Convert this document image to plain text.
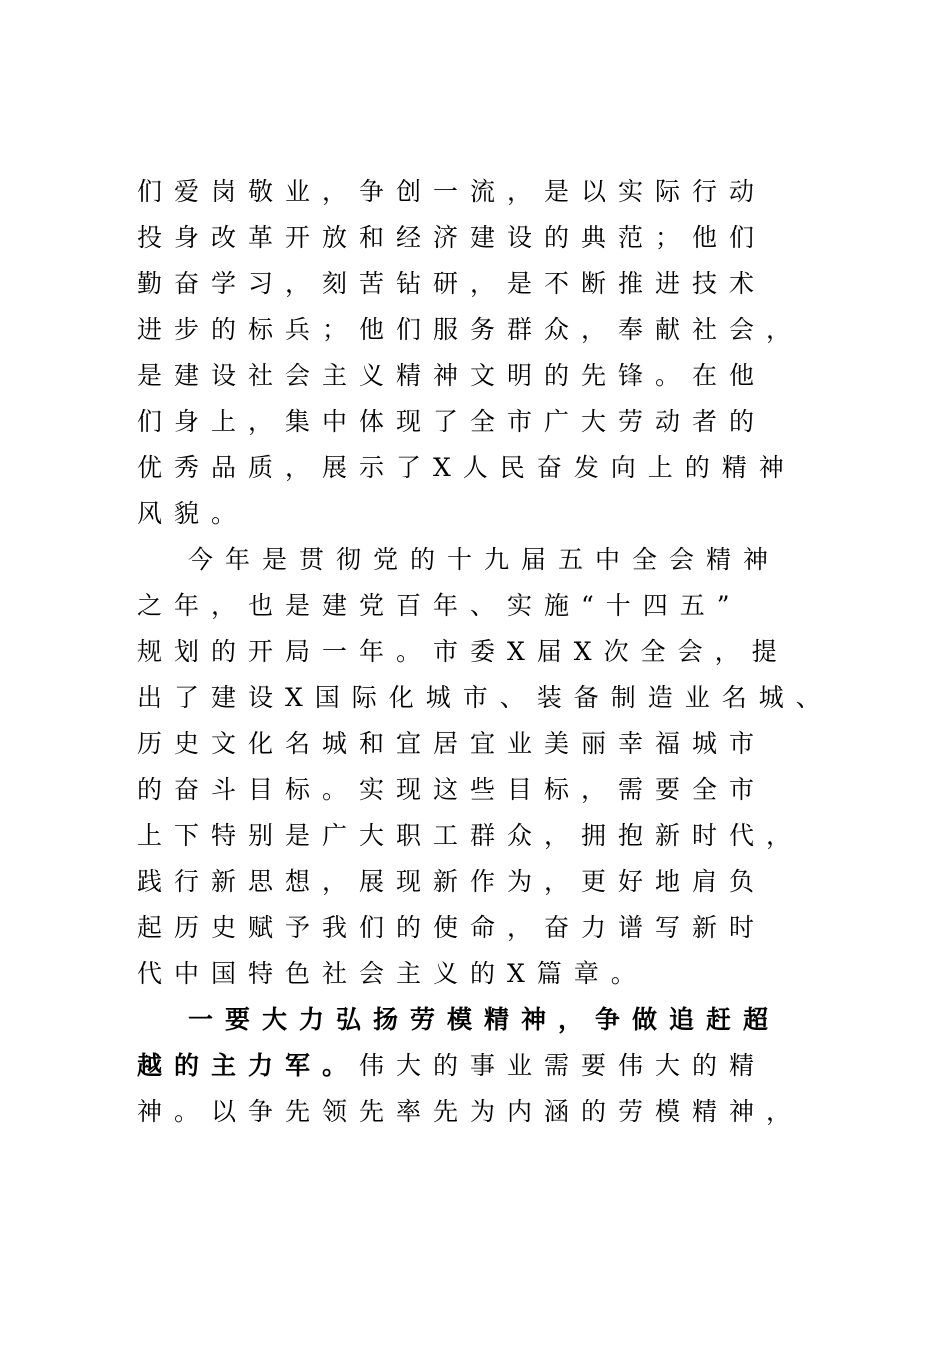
们爱岗敬业，争创一流，是以实际行动
投身改革开放和经济建设的典范；他们
勤奋学习，刻苦钻研，是不断推进技术
进步的标兵；他们服务群众，奉献社会，
是建设社会主义精神文明的先锋。在他
们身上，集中体现了全市广大劳动者的
优秀品质，展示了X人民奋发向上的精神
风貌。
今年是贯彻党的十九届五中全会精神
之年，也是建党百年、实施“十四五”
规划的开局一年。市委X届X次全会，提
出了建设X国际化城市、装备制造业名城、
历史文化名城和宜居宜业美丽幸福城市
的奋斗目标。实现这些目标，需要全市
上下特别是广大职工群众，拥抱新时代，
践行新思想，展现新作为，更好地肩负
起历史赋予我们的使命，奋力谱写新时
代中国特色社会主义的X篇章。
一要大力弘扬劳模精神，争做追赶超
越的主力军。伟大的事业需要伟大的精
神。以争先领先率先为内涵的劳模精神，
